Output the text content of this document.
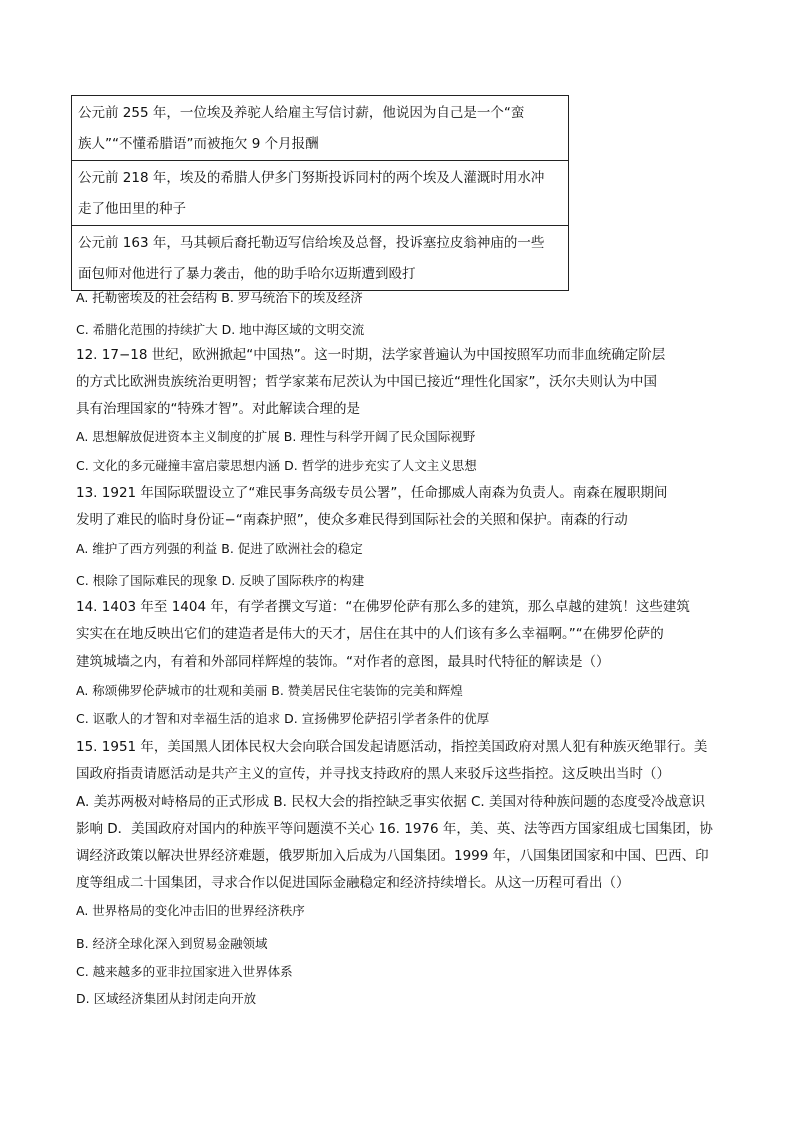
公元前 255 年，一位埃及养驼人给雇主写信讨薪，他说因为自己是一个“蛮
族人”“不懂希腊语”而被拖欠 9 个月报酬

公元前 218 年，埃及的希腊人伊多门努斯投诉同村的两个埃及人灌溉时用水冲
走了他田里的种子

公元前 163 年，马其顿后裔托勒迈写信给埃及总督，投诉塞拉皮翁神庙的一些
面包师对他进行了暴力袭击，他的助手哈尔迈斯遭到殴打
A. 托勒密埃及的社会结构 B. 罗马统治下的埃及经济
C. 希腊化范围的持续扩大 D. 地中海区域的文明交流
12. 17−18 世纪，欧洲掀起“中国热”。这一时期，法学家普遍认为中国按照军功而非血统确定阶层
的方式比欧洲贵族统治更明智；哲学家莱布尼茨认为中国已接近“理性化国家”，沃尔夫则认为中国
具有治理国家的“特殊才智”。对此解读合理的是
A. 思想解放促进资本主义制度的扩展 B. 理性与科学开阔了民众国际视野
C. 文化的多元碰撞丰富启蒙思想内涵 D. 哲学的进步充实了人文主义思想
13. 1921 年国际联盟设立了“难民事务高级专员公署”，任命挪威人南森为负责人。南森在履职期间
发明了难民的临时身份证−“南森护照”，使众多难民得到国际社会的关照和保护。南森的行动
A. 维护了西方列强的利益 B. 促进了欧洲社会的稳定
C. 根除了国际难民的现象 D. 反映了国际秩序的构建
14. 1403 年至 1404 年，有学者撰文写道：“在佛罗伦萨有那么多的建筑，那么卓越的建筑！这些建筑
实实在在地反映出它们的建造者是伟大的天才，居住在其中的人们该有多么幸福啊。”“在佛罗伦萨的
建筑城墙之内，有着和外部同样辉煌的装饰。“对作者的意图，最具时代特征的解读是（）
A. 称颂佛罗伦萨城市的壮观和美丽 B. 赞美居民住宅装饰的完美和辉煌
C. 讴歌人的才智和对幸福生活的追求 D. 宣扬佛罗伦萨招引学者条件的优厚
15. 1951 年，美国黑人团体民权大会向联合国发起请愿活动，指控美国政府对黑人犯有种族灭绝罪行。美
国政府指责请愿活动是共产主义的宣传，并寻找支持政府的黑人来驳斥这些指控。这反映出当时（）
A. 美苏两极对峙格局的正式形成 B. 民权大会的指控缺乏事实依据 C. 美国对待种族问题的态度受冷战意识
影响 D．美国政府对国内的种族平等问题漠不关心 16. 1976 年，美、英、法等西方国家组成七国集团，协
调经济政策以解决世界经济难题，俄罗斯加入后成为八国集团。1999 年，八国集团国家和中国、巴西、印
度等组成二十国集团，寻求合作以促进国际金融稳定和经济持续增长。从这一历程可看出（）
A. 世界格局的变化冲击旧的世界经济秩序
B. 经济全球化深入到贸易金融领域
C. 越来越多的亚非拉国家进入世界体系
D. 区域经济集团从封闭走向开放
